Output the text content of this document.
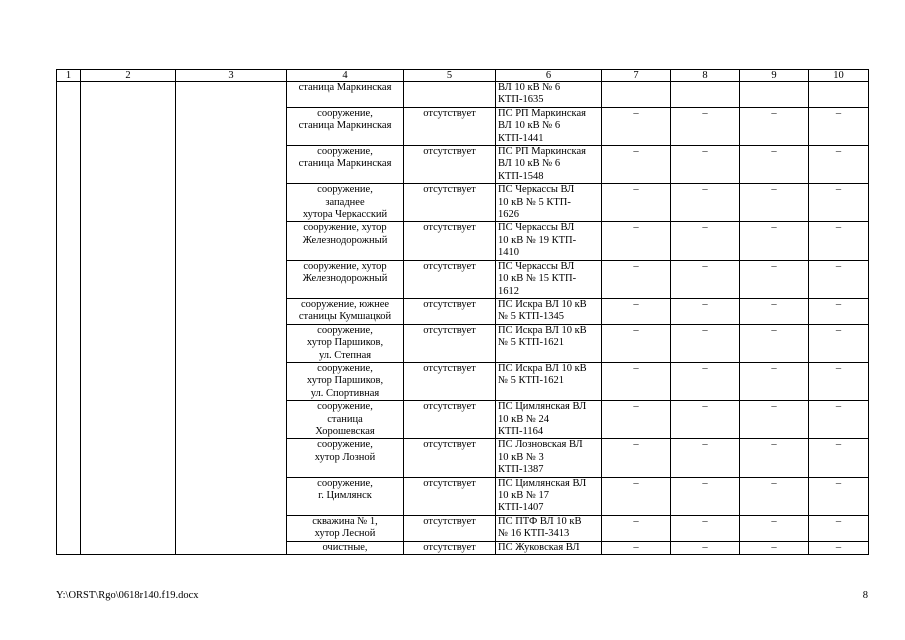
1	2	3	4	5	6	7	8	9	10
			станица Маркинская		ВЛ 10 кВ № 6
КТП-1635				
			сооружение,
станица Маркинская	отсутствует	ПС РП Маркинская
ВЛ 10 кВ № 6
КТП-1441	–	–	–	–
			сооружение,
станица Маркинская	отсутствует	ПС РП Маркинская
ВЛ 10 кВ № 6
КТП-1548	–	–	–	–
			сооружение,
западнее
хутора Черкасский	отсутствует	ПС Черкассы ВЛ
10 кВ № 5 КТП-
1626	–	–	–	–
			сооружение, хутор
Железнодорожный	отсутствует	ПС Черкассы ВЛ
10 кВ № 19 КТП-
1410	–	–	–	–
			сооружение, хутор
Железнодорожный	отсутствует	ПС Черкассы ВЛ
10 кВ № 15 КТП-
1612	–	–	–	–
			сооружение, южнее
станицы Кумшацкой	отсутствует	ПС Искра ВЛ 10 кВ
№ 5 КТП-1345	–	–	–	–
			сооружение,
хутор Паршиков,
ул. Степная	отсутствует	ПС Искра ВЛ 10 кВ
№ 5 КТП-1621	–	–	–	–
			сооружение,
хутор Паршиков,
ул. Спортивная	отсутствует	ПС Искра ВЛ 10 кВ
№ 5 КТП-1621	–	–	–	–
			сооружение,
станица
Хорошевская	отсутствует	ПС Цимлянская ВЛ
10 кВ № 24
КТП-1164	–	–	–	–
			сооружение,
хутор Лозной	отсутствует	ПС Лозновская ВЛ
10 кВ № 3
КТП-1387	–	–	–	–
			сооружение,
г. Цимлянск	отсутствует	ПС Цимлянская ВЛ
10 кВ № 17
КТП-1407	–	–	–	–
			скважина № 1,
хутор Лесной	отсутствует	ПС ПТФ ВЛ 10 кВ
№ 16 КТП-3413	–	–	–	–
			очистные,	отсутствует	ПС Жуковская ВЛ	–	–	–	–
Y:\ORST\Rgo\0618r140.f19.docx	8
